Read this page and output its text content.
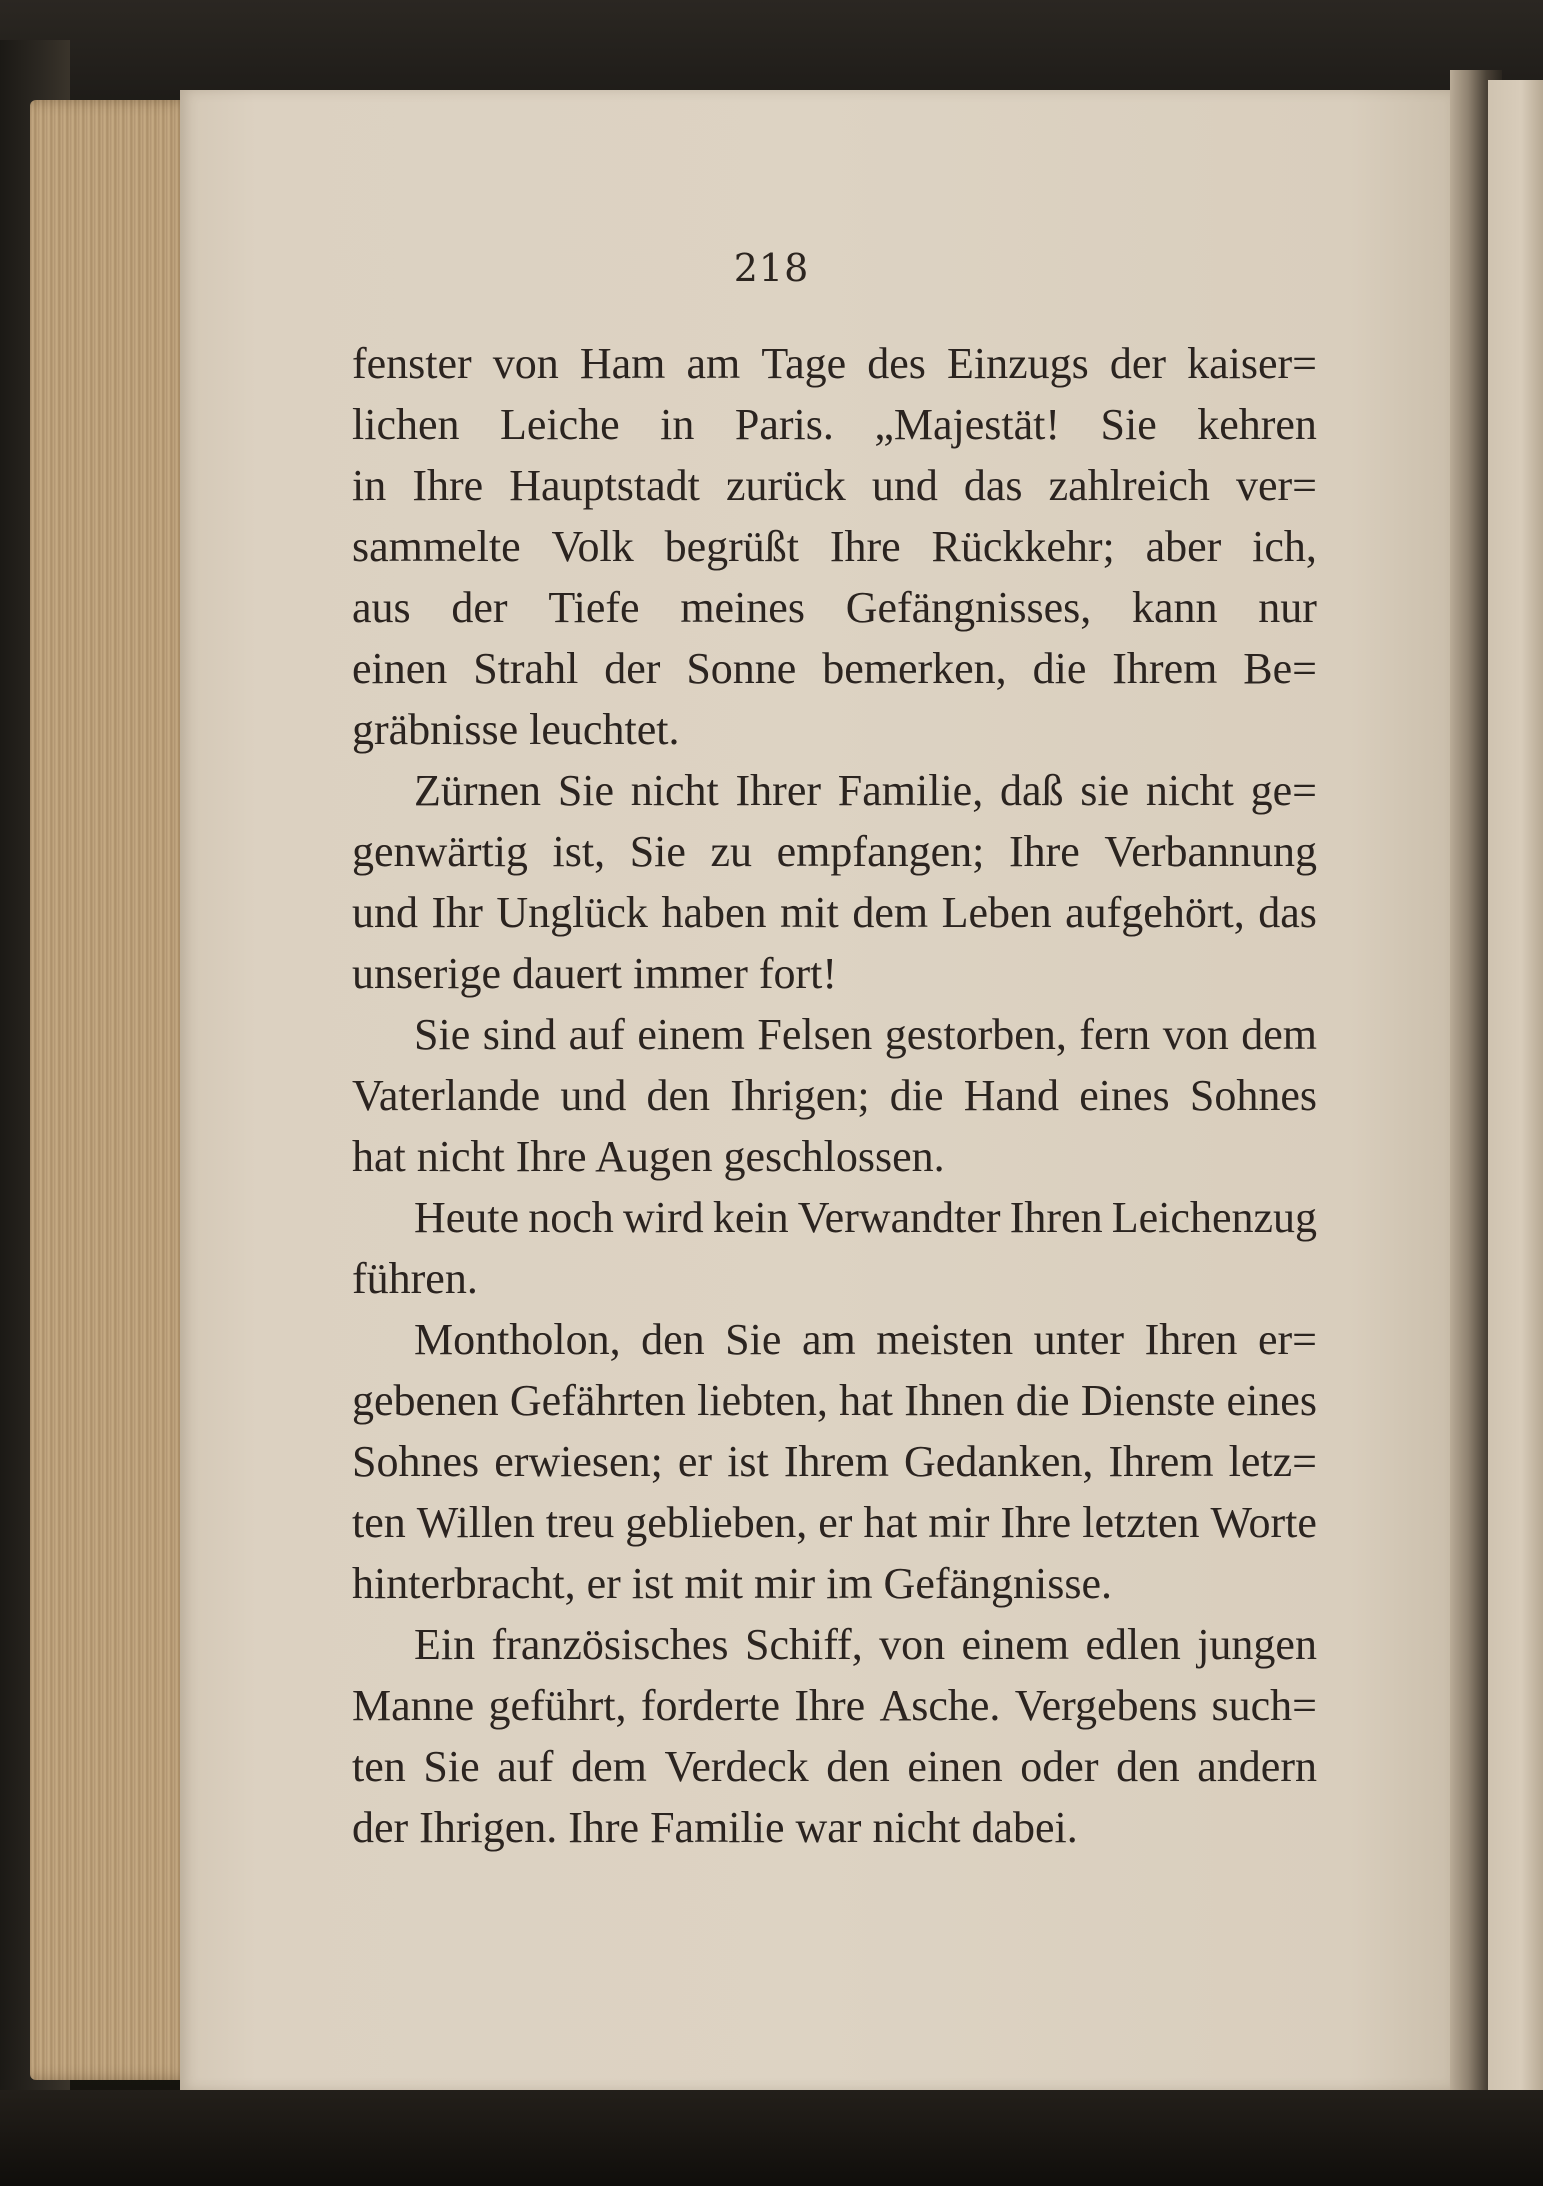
218
fenster von Ham am Tage des Einzugs der kaiser=
lichen Leiche in Paris. „Majestät! Sie kehren
in Ihre Hauptstadt zurück und das zahlreich ver=
sammelte Volk begrüßt Ihre Rückkehr; aber ich,
aus der Tiefe meines Gefängnisses, kann nur
einen Strahl der Sonne bemerken, die Ihrem Be=
gräbnisse leuchtet.
Zürnen Sie nicht Ihrer Familie, daß sie nicht ge=
genwärtig ist, Sie zu empfangen; Ihre Verbannung
und Ihr Unglück haben mit dem Leben aufgehört, das
unserige dauert immer fort!
Sie sind auf einem Felsen gestorben, fern von dem
Vaterlande und den Ihrigen; die Hand eines Sohnes
hat nicht Ihre Augen geschlossen.
Heute noch wird kein Verwandter Ihren Leichenzug
führen.
Montholon, den Sie am meisten unter Ihren er=
gebenen Gefährten liebten, hat Ihnen die Dienste eines
Sohnes erwiesen; er ist Ihrem Gedanken, Ihrem letz=
ten Willen treu geblieben, er hat mir Ihre letzten Worte
hinterbracht, er ist mit mir im Gefängnisse.
Ein französisches Schiff, von einem edlen jungen
Manne geführt, forderte Ihre Asche. Vergebens such=
ten Sie auf dem Verdeck den einen oder den andern
der Ihrigen. Ihre Familie war nicht dabei.
